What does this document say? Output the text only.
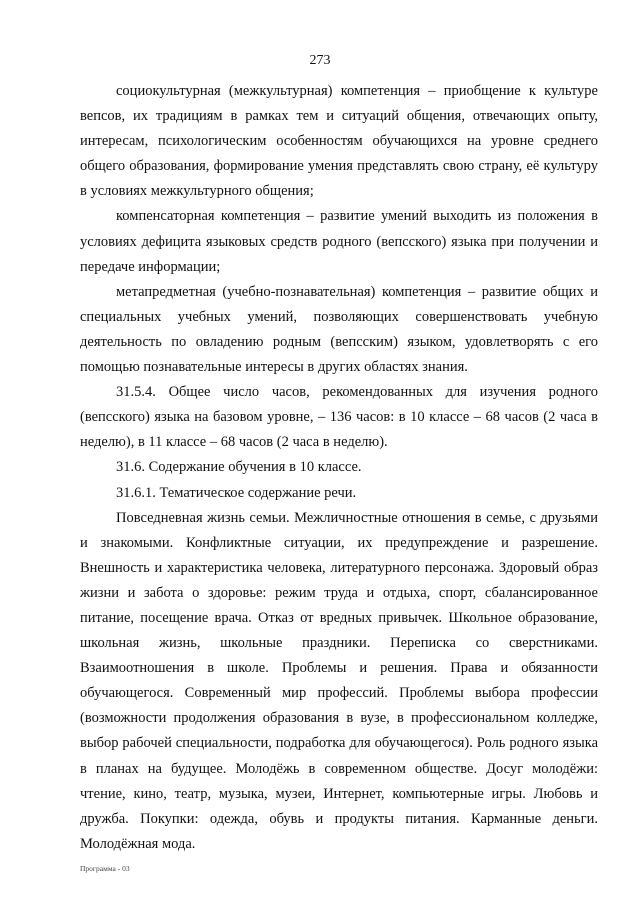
273

социокультурная (межкультурная) компетенция – приобщение к культуре вепсов, их традициям в рамках тем и ситуаций общения, отвечающих опыту, интересам, психологическим особенностям обучающихся на уровне среднего общего образования, формирование умения представлять свою страну, её культуру в условиях межкультурного общения;

компенсаторная компетенция – развитие умений выходить из положения в условиях дефицита языковых средств родного (вепсского) языка при получении и передаче информации;

метапредметная (учебно-познавательная) компетенция – развитие общих и специальных учебных умений, позволяющих совершенствовать учебную деятельность по овладению родным (вепсским) языком, удовлетворять с его помощью познавательные интересы в других областях знания.

31.5.4. Общее число часов, рекомендованных для изучения родного (вепсского) языка на базовом уровне, – 136 часов: в 10 классе – 68 часов (2 часа в неделю), в 11 классе – 68 часов (2 часа в неделю).

31.6. Содержание обучения в 10 классе.

31.6.1. Тематическое содержание речи.

Повседневная жизнь семьи. Межличностные отношения в семье, с друзьями и знакомыми. Конфликтные ситуации, их предупреждение и разрешение. Внешность и характеристика человека, литературного персонажа. Здоровый образ жизни и забота о здоровье: режим труда и отдыха, спорт, сбалансированное питание, посещение врача. Отказ от вредных привычек. Школьное образование, школьная жизнь, школьные праздники. Переписка со сверстниками. Взаимоотношения в школе. Проблемы и решения. Права и обязанности обучающегося. Современный мир профессий. Проблемы выбора профессии (возможности продолжения образования в вузе, в профессиональном колледже, выбор рабочей специальности, подработка для обучающегося). Роль родного языка в планах на будущее. Молодёжь в современном обществе. Досуг молодёжи: чтение, кино, театр, музыка, музеи, Интернет, компьютерные игры. Любовь и дружба. Покупки: одежда, обувь и продукты питания. Карманные деньги. Молодёжная мода.

Программа - 03
